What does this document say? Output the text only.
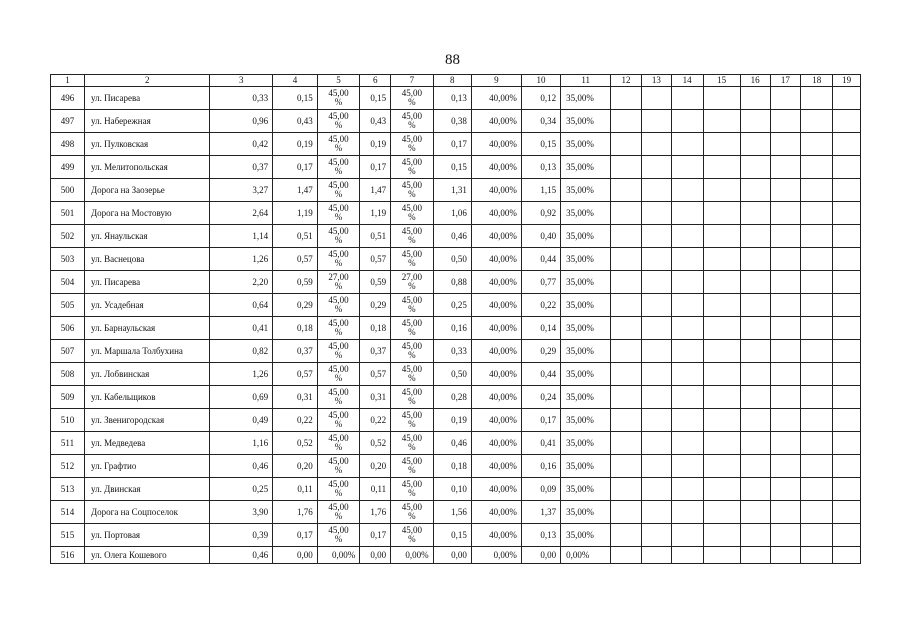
88
1	2	3	4	5	6	7	8	9	10	11	12	13	14	15	16	17	18	19
496	ул. Писарева	0,33	0,15	45,00
%	0,15	45,00
%	0,13	40,00%	0,12	35,00%								
497	ул. Набережная	0,96	0,43	45,00
%	0,43	45,00
%	0,38	40,00%	0,34	35,00%								
498	ул. Пулковская	0,42	0,19	45,00
%	0,19	45,00
%	0,17	40,00%	0,15	35,00%								
499	ул. Мелитопольская	0,37	0,17	45,00
%	0,17	45,00
%	0,15	40,00%	0,13	35,00%								
500	Дорога на Заозерье	3,27	1,47	45,00
%	1,47	45,00
%	1,31	40,00%	1,15	35,00%								
501	Дорога на Мостовую	2,64	1,19	45,00
%	1,19	45,00
%	1,06	40,00%	0,92	35,00%								
502	ул. Янаульская	1,14	0,51	45,00
%	0,51	45,00
%	0,46	40,00%	0,40	35,00%								
503	ул. Васнецова	1,26	0,57	45,00
%	0,57	45,00
%	0,50	40,00%	0,44	35,00%								
504	ул. Писарева	2,20	0,59	27,00
%	0,59	27,00
%	0,88	40,00%	0,77	35,00%								
505	ул. Усадебная	0,64	0,29	45,00
%	0,29	45,00
%	0,25	40,00%	0,22	35,00%								
506	ул. Барнаульская	0,41	0,18	45,00
%	0,18	45,00
%	0,16	40,00%	0,14	35,00%								
507	ул. Маршала Толбухина	0,82	0,37	45,00
%	0,37	45,00
%	0,33	40,00%	0,29	35,00%								
508	ул. Лобвинская	1,26	0,57	45,00
%	0,57	45,00
%	0,50	40,00%	0,44	35,00%								
509	ул. Кабельщиков	0,69	0,31	45,00
%	0,31	45,00
%	0,28	40,00%	0,24	35,00%								
510	ул. Звенигородская	0,49	0,22	45,00
%	0,22	45,00
%	0,19	40,00%	0,17	35,00%								
511	ул. Медведева	1,16	0,52	45,00
%	0,52	45,00
%	0,46	40,00%	0,41	35,00%								
512	ул. Графтио	0,46	0,20	45,00
%	0,20	45,00
%	0,18	40,00%	0,16	35,00%								
513	ул. Двинская	0,25	0,11	45,00
%	0,11	45,00
%	0,10	40,00%	0,09	35,00%								
514	Дорога на Соцпоселок	3,90	1,76	45,00
%	1,76	45,00
%	1,56	40,00%	1,37	35,00%								
515	ул. Портовая	0,39	0,17	45,00
%	0,17	45,00
%	0,15	40,00%	0,13	35,00%								
516	ул. Олега Кошевого	0,46	0,00	0,00%	0,00	0,00%	0,00	0,00%	0,00	0,00%								
